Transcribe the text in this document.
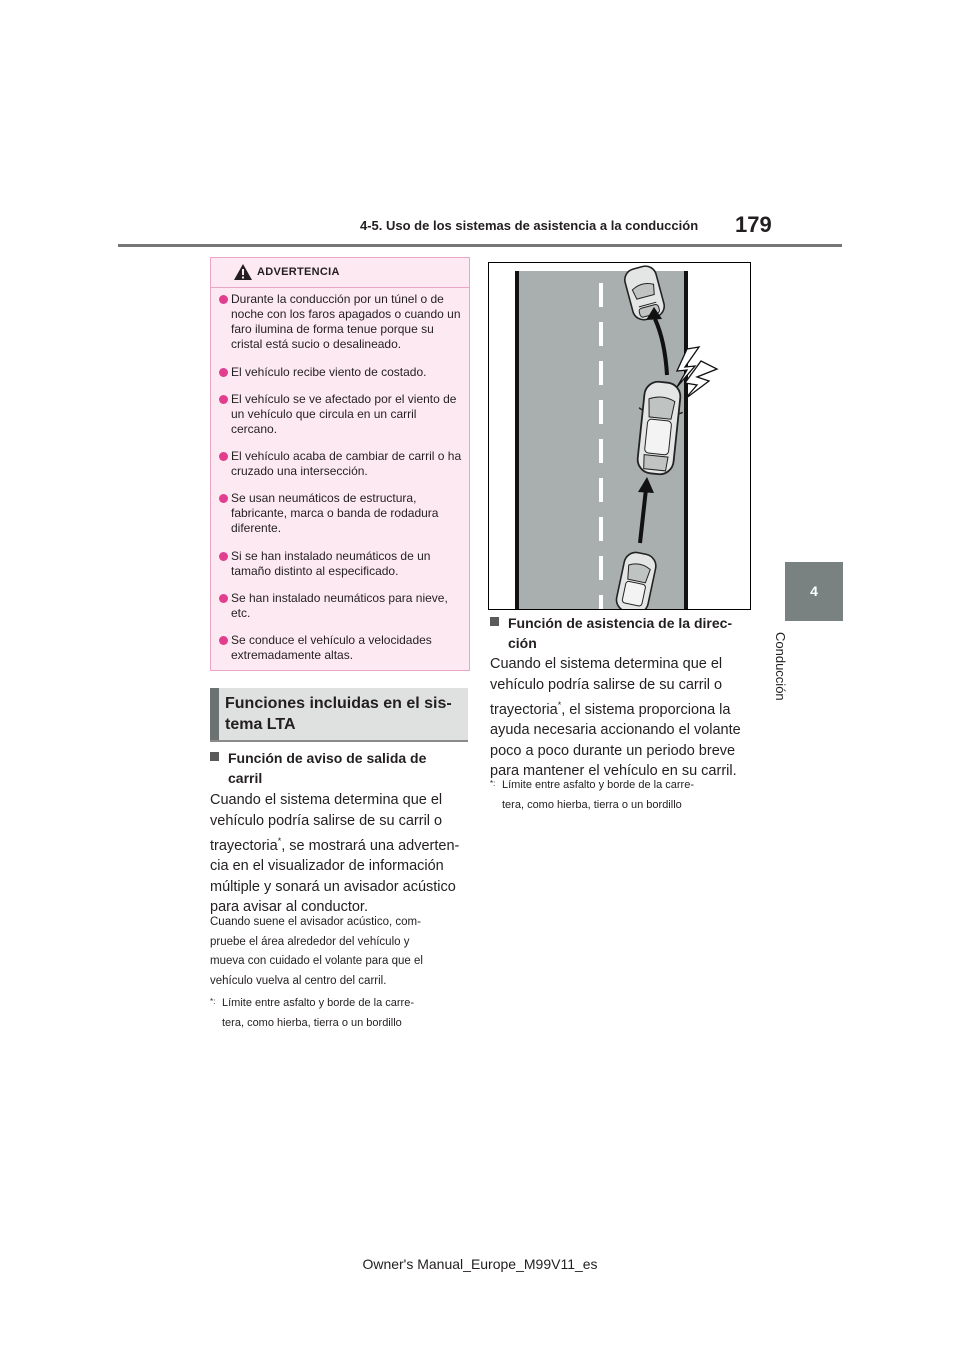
4-5. Uso de los sistemas de asistencia a la conducción 179
4
Conducción
ADVERTENCIA
Durante la conducción por un túnel o de noche con los faros apagados o cuando un faro ilumina de forma tenue porque su cristal está sucio o desalineado.
El vehículo recibe viento de costado.
El vehículo se ve afectado por el viento de un vehículo que circula en un carril cercano.
El vehículo acaba de cambiar de carril o ha cruzado una intersección.
Se usan neumáticos de estructura, fabricante, marca o banda de rodadura diferente.
Si se han instalado neumáticos de un tamaño distinto al especificado.
Se han instalado neumáticos para nieve, etc.
Se conduce el vehículo a velocidades extremadamente altas.
Funciones incluidas en el sis-
tema LTA
Función de aviso de salida de
carril
Cuando el sistema determina que el
vehículo podría salirse de su carril o
trayectoria*, se mostrará una adverten-
cia en el visualizador de información
múltiple y sonará un avisador acústico
para avisar al conductor.
Cuando suene el avisador acústico, com-
pruebe el área alrededor del vehículo y
mueva con cuidado el volante para que el
vehículo vuelva al centro del carril.
*: Límite entre asfalto y borde de la carre-
tera, como hierba, tierra o un bordillo
Función de asistencia de la direc-
ción
Cuando el sistema determina que el
vehículo podría salirse de su carril o
trayectoria*, el sistema proporciona la
ayuda necesaria accionando el volante
poco a poco durante un periodo breve
para mantener el vehículo en su carril.
*: Límite entre asfalto y borde de la carre-
tera, como hierba, tierra o un bordillo
Owner's Manual_Europe_M99V11_es
